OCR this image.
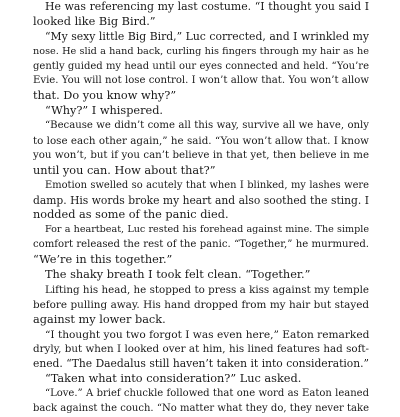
He was referencing my last costume. “I thought you said I
looked like Big Bird.”
“My sexy little Big Bird,” Luc corrected, and I wrinkled my
nose. He slid a hand back, curling his fingers through my hair as he
gently guided my head until our eyes connected and held. “You’re
Evie. You will not lose control. I won’t allow that. You won’t allow
that. Do you know why?”
“Why?” I whispered.
“Because we didn’t come all this way, survive all we have, only
to lose each other again,” he said. “You won’t allow that. I know
you won’t, but if you can’t believe in that yet, then believe in me
until you can. How about that?”
Emotion swelled so acutely that when I blinked, my lashes were
damp. His words broke my heart and also soothed the sting. I
nodded as some of the panic died.
For a heartbeat, Luc rested his forehead against mine. The simple
comfort released the rest of the panic. “Together,” he murmured.
“We’re in this together.”
The shaky breath I took felt clean. “Together.”
Lifting his head, he stopped to press a kiss against my temple
before pulling away. His hand dropped from my hair but stayed
against my lower back.
“I thought you two forgot I was even here,” Eaton remarked
dryly, but when I looked over at him, his lined features had soft-
ened. “The Daedalus still haven’t taken it into consideration.”
“Taken what into consideration?” Luc asked.
“Love.” A brief chuckle followed that one word as Eaton leaned
back against the couch. “No matter what they do, they never take
